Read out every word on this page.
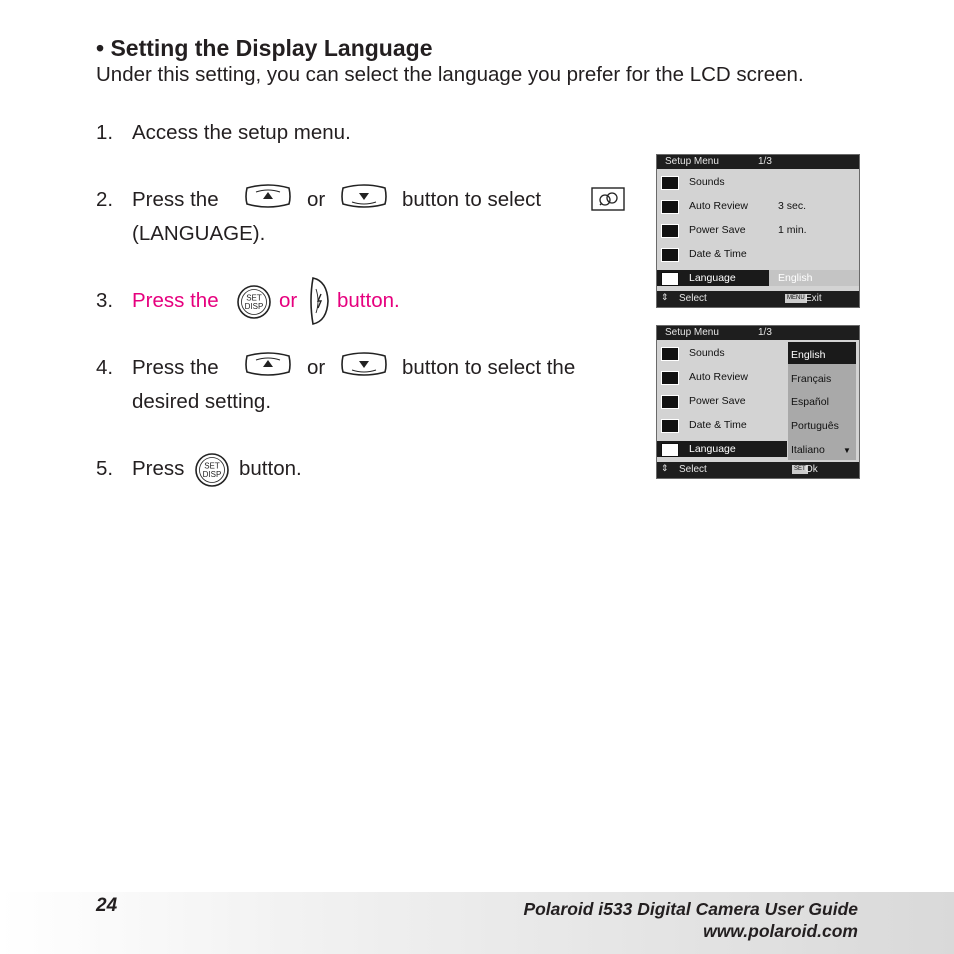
• Setting the Display Language
Under this setting, you can select the language you prefer for the LCD screen.
1. Access the setup menu.
2. Press the	or	button to select
(LANGUAGE).
3. Press the	SET
DISP or button.
4. Press the	or	button to select the
desired setting.
5. Press SET
DISP button.
Setup Menu	1/3
Sounds
Auto Review	3 sec.
Power Save	1 min.
Date & Time
Language	English
⇕ Select	MENU Exit
Setup Menu	1/3
Sounds
Auto Review
Power Save
Date & Time
Language
English
Français
Español
Português
Italiano ▼
⇕ Select	SET Ok
24	Polaroid i533 Digital Camera User Guide
www.polaroid.com
